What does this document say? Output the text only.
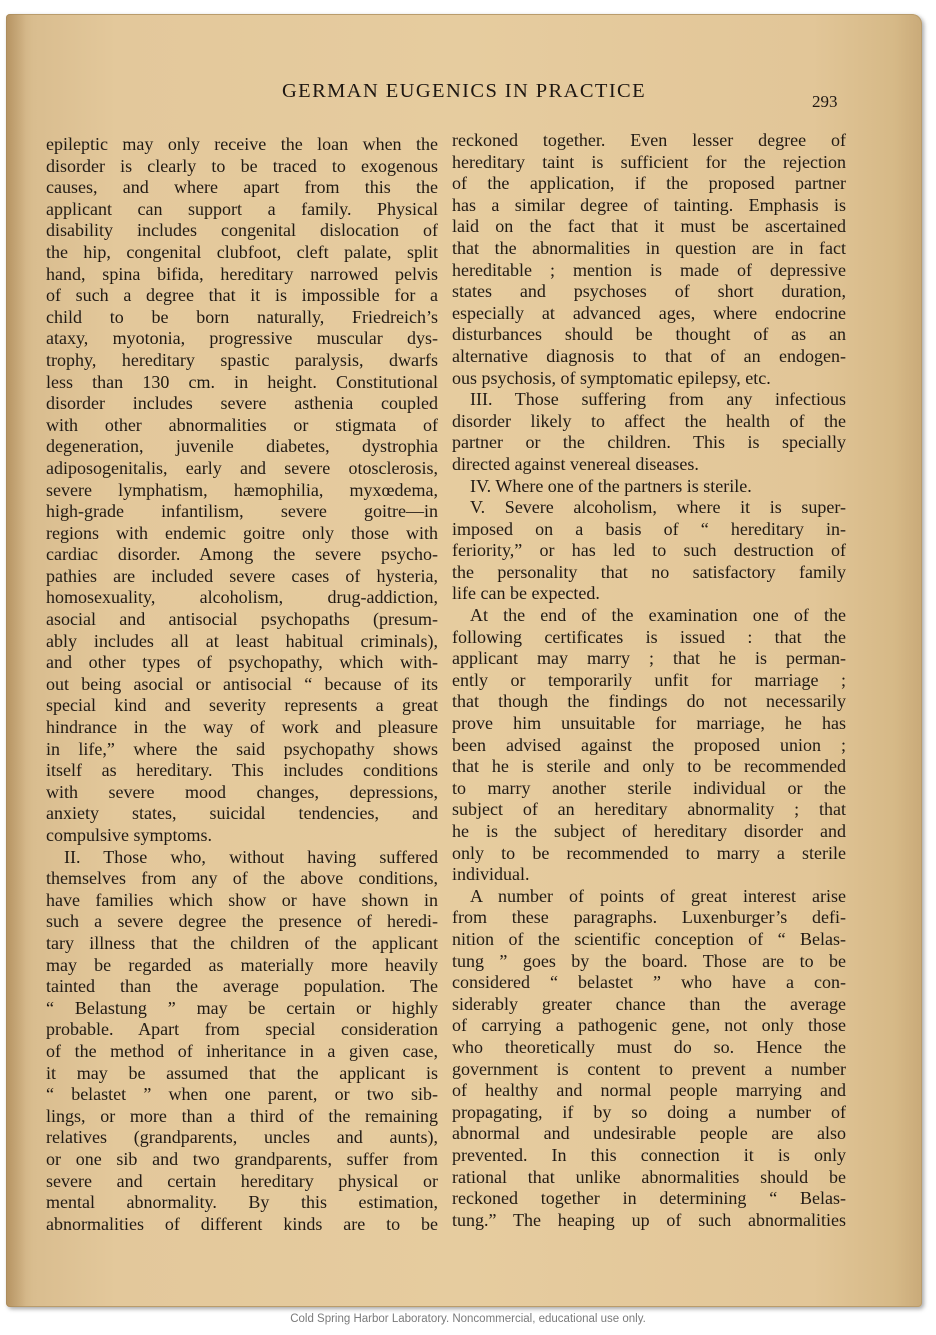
GERMAN EUGENICS IN PRACTICE	293
epileptic may only receive the loan when the
disorder is clearly to be traced to exogenous
causes, and where apart from this the
applicant can support a family. Physical
disability includes congenital dislocation of
the hip, congenital clubfoot, cleft palate, split
hand, spina bifida, hereditary narrowed pelvis
of such a degree that it is impossible for a
child to be born naturally, Friedreich’s
ataxy, myotonia, progressive muscular dys-
trophy, hereditary spastic paralysis, dwarfs
less than 130 cm. in height. Constitutional
disorder includes severe asthenia coupled
with other abnormalities or stigmata of
degeneration, juvenile diabetes, dystrophia
adiposogenitalis, early and severe otosclerosis,
severe lymphatism, hæmophilia, myxœdema,
high-grade infantilism, severe goitre—in
regions with endemic goitre only those with
cardiac disorder. Among the severe psycho-
pathies are included severe cases of hysteria,
homosexuality, alcoholism, drug-addiction,
asocial and antisocial psychopaths (presum-
ably includes all at least habitual criminals),
and other types of psychopathy, which with-
out being asocial or antisocial “ because of its
special kind and severity represents a great
hindrance in the way of work and pleasure
in life,” where the said psychopathy shows
itself as hereditary. This includes conditions
with severe mood changes, depressions,
anxiety states, suicidal tendencies, and
compulsive symptoms.
II. Those who, without having suffered
themselves from any of the above conditions,
have families which show or have shown in
such a severe degree the presence of heredi-
tary illness that the children of the applicant
may be regarded as materially more heavily
tainted than the average population. The
“ Belastung ” may be certain or highly
probable. Apart from special consideration
of the method of inheritance in a given case,
it may be assumed that the applicant is
“ belastet ” when one parent, or two sib-
lings, or more than a third of the remaining
relatives (grandparents, uncles and aunts),
or one sib and two grandparents, suffer from
severe and certain hereditary physical or
mental abnormality. By this estimation,
abnormalities of different kinds are to be
reckoned together. Even lesser degree of
hereditary taint is sufficient for the rejection
of the application, if the proposed partner
has a similar degree of tainting. Emphasis is
laid on the fact that it must be ascertained
that the abnormalities in question are in fact
hereditable ; mention is made of depressive
states and psychoses of short duration,
especially at advanced ages, where endocrine
disturbances should be thought of as an
alternative diagnosis to that of an endogen-
ous psychosis, of symptomatic epilepsy, etc.
III. Those suffering from any infectious
disorder likely to affect the health of the
partner or the children. This is specially
directed against venereal diseases.
IV. Where one of the partners is sterile.
V. Severe alcoholism, where it is super-
imposed on a basis of “ hereditary in-
feriority,” or has led to such destruction of
the personality that no satisfactory family
life can be expected.
At the end of the examination one of the
following certificates is issued : that the
applicant may marry ; that he is perman-
ently or temporarily unfit for marriage ;
that though the findings do not necessarily
prove him unsuitable for marriage, he has
been advised against the proposed union ;
that he is sterile and only to be recommended
to marry another sterile individual or the
subject of an hereditary abnormality ; that
he is the subject of hereditary disorder and
only to be recommended to marry a sterile
individual.
A number of points of great interest arise
from these paragraphs. Luxenburger’s defi-
nition of the scientific conception of “ Belas-
tung ” goes by the board. Those are to be
considered “ belastet ” who have a con-
siderably greater chance than the average
of carrying a pathogenic gene, not only those
who theoretically must do so. Hence the
government is content to prevent a number
of healthy and normal people marrying and
propagating, if by so doing a number of
abnormal and undesirable people are also
prevented. In this connection it is only
rational that unlike abnormalities should be
reckoned together in determining “ Belas-
tung.” The heaping up of such abnormalities
Cold Spring Harbor Laboratory. Noncommercial, educational use only.
